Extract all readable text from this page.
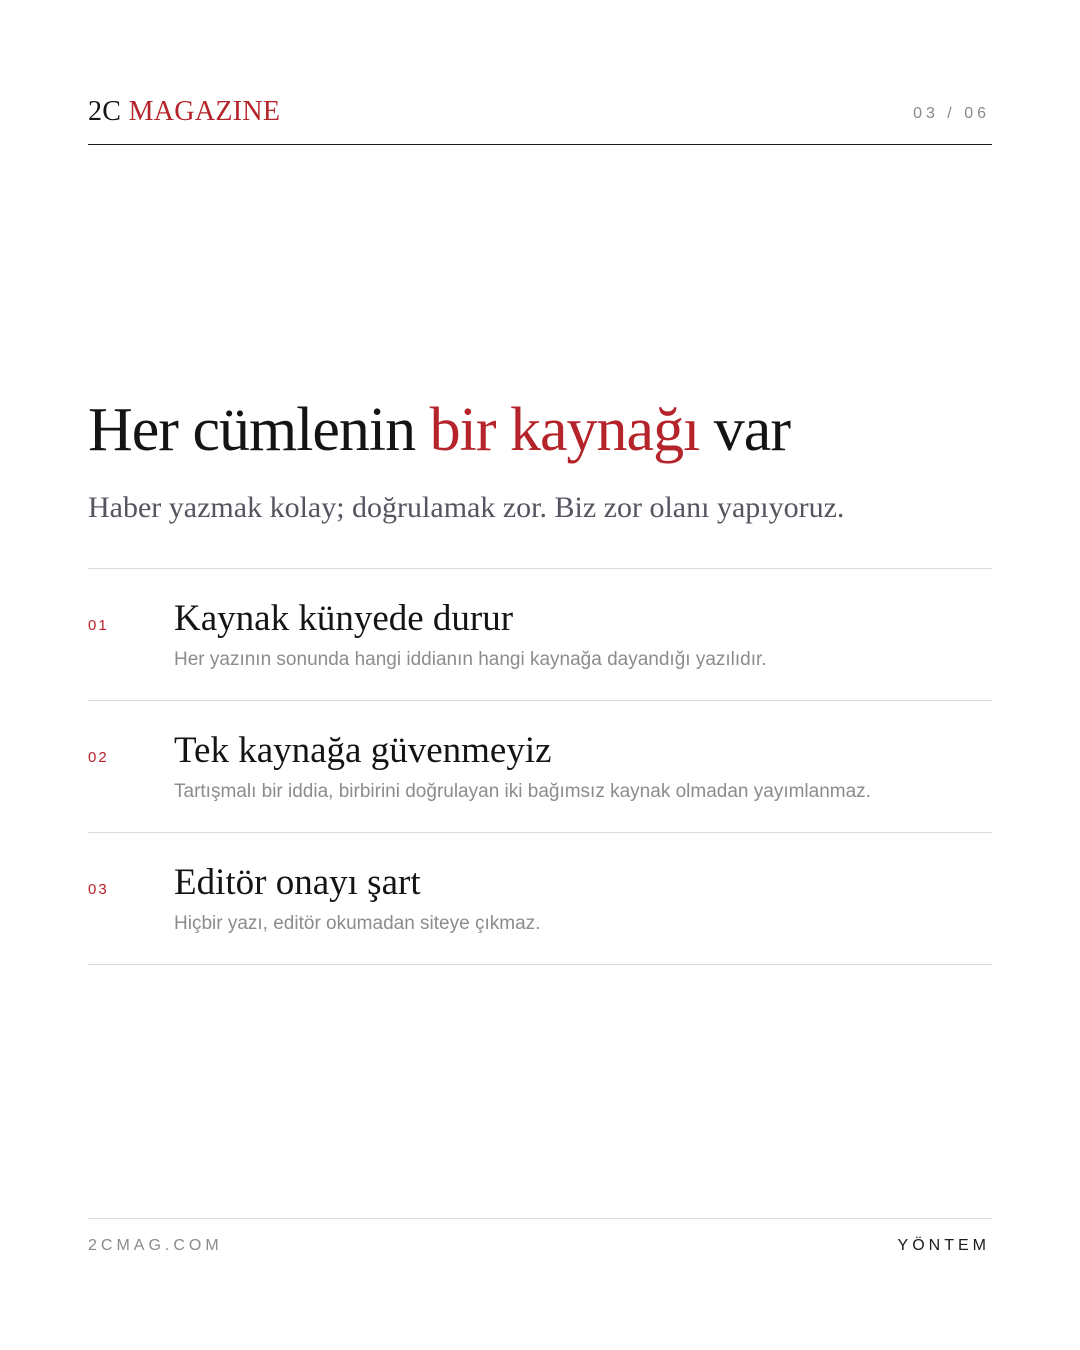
2C MAGAZINE	03 / 06
Her cümlenin bir kaynağı var

Haber yazmak kolay; doğrulamak zor. Biz zor olanı yapıyoruz.

01 Kaynak künyede durur
Her yazının sonunda hangi iddianın hangi kaynağa dayandığı yazılıdır.
02 Tek kaynağa güvenmeyiz
Tartışmalı bir iddia, birbirini doğrulayan iki bağımsız kaynak olmadan yayımlanmaz.
03 Editör onayı şart
Hiçbir yazı, editör okumadan siteye çıkmaz.
2CMAG.COM	YÖNTEM
